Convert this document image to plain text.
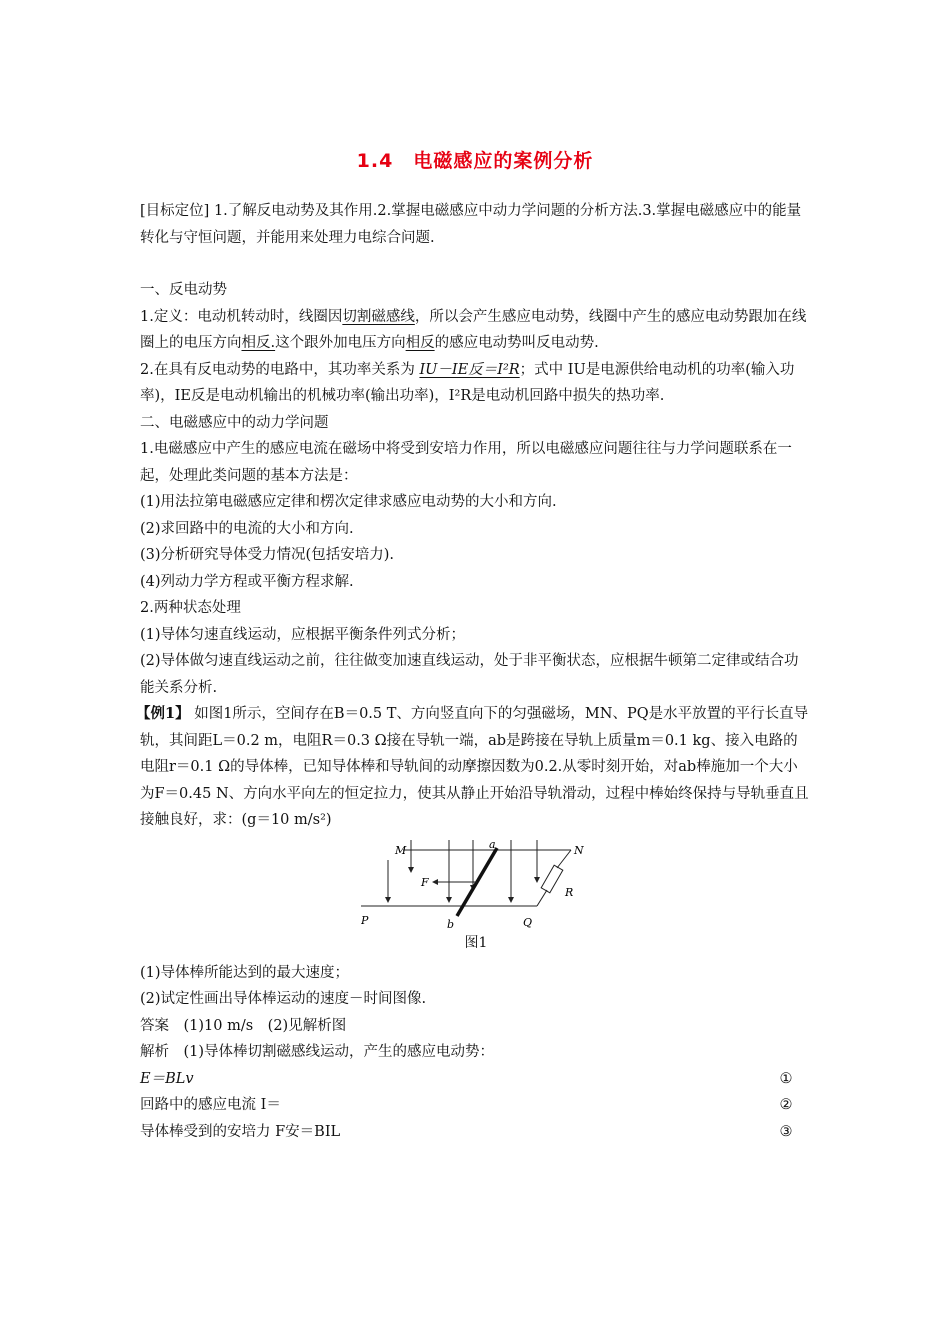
1.4　电磁感应的案例分析

[目标定位] 1.了解反电动势及其作用.2.掌握电磁感应中动力学问题的分析方法.3.掌握电磁感应中的能量转化与守恒问题，并能用来处理力电综合问题.

一、反电动势

1.定义：电动机转动时，线圈因切割磁感线，所以会产生感应电动势，线圈中产生的感应电动势跟加在线圈上的电压方向相反.这个跟外加电压方向相反的感应电动势叫反电动势.

2.在具有反电动势的电路中，其功率关系为 IU－IE反＝I²R；式中 IU是电源供给电动机的功率(输入功率)，IE反是电动机输出的机械功率(输出功率)，I²R是电动机回路中损失的热功率.

二、电磁感应中的动力学问题

1.电磁感应中产生的感应电流在磁场中将受到安培力作用，所以电磁感应问题往往与力学问题联系在一起，处理此类问题的基本方法是：

(1)用法拉第电磁感应定律和楞次定律求感应电动势的大小和方向.

(2)求回路中的电流的大小和方向.

(3)分析研究导体受力情况(包括安培力).

(4)列动力学方程或平衡方程求解.

2.两种状态处理

(1)导体匀速直线运动，应根据平衡条件列式分析；

(2)导体做匀速直线运动之前，往往做变加速直线运动，处于非平衡状态，应根据牛顿第二定律或结合功能关系分析.

【例1】 如图1所示，空间存在B＝0.5 T、方向竖直向下的匀强磁场，MN、PQ是水平放置的平行长直导轨，其间距L＝0.2 m，电阻R＝0.3 Ω接在导轨一端，ab是跨接在导轨上质量m＝0.1 kg、接入电路的电阻r＝0.1 Ω的导体棒，已知导体棒和导轨间的动摩擦因数为0.2.从零时刻开始，对ab棒施加一个大小为F＝0.45 N、方向水平向左的恒定拉力，使其从静止开始沿导轨滑动，过程中棒始终保持与导轨垂直且接触良好，求：(g＝10 m/s²)

M	N
P	Q
a
b
F
R
图1

(1)导体棒所能达到的最大速度；

(2)试定性画出导体棒运动的速度－时间图像.

答案　(1)10 m/s　(2)见解析图

解析　(1)导体棒切割磁感线运动，产生的感应电动势：

E＝BLv	①
回路中的感应电流 I＝	②
导体棒受到的安培力 F安＝BIL	③
